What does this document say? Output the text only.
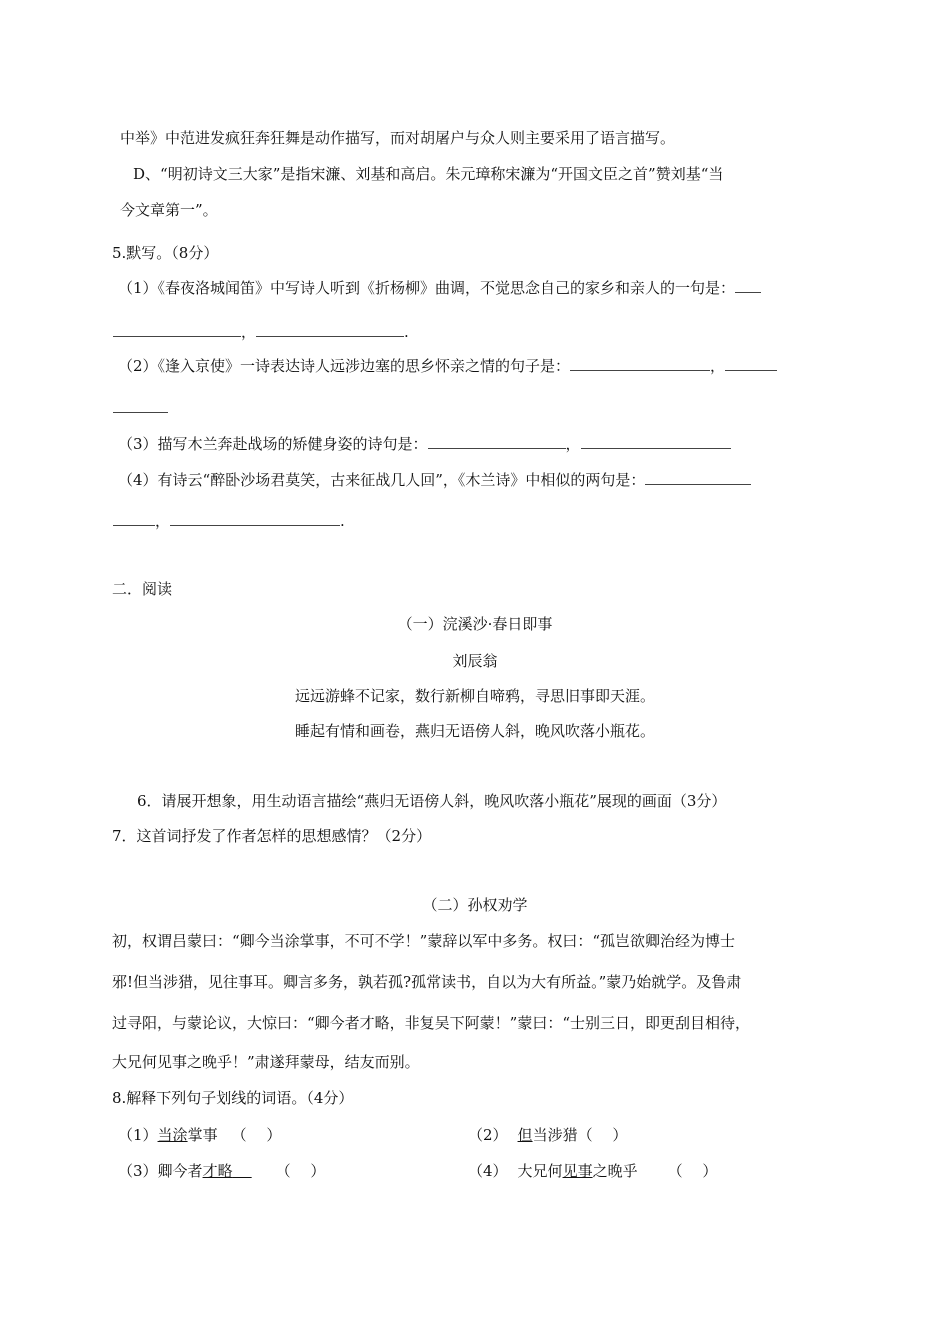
中举》中范进发疯狂奔狂舞是动作描写，而对胡屠户与众人则主要采用了语言描写。
D、“明初诗文三大家”是指宋濂、刘基和高启。朱元璋称宋濂为“开国文臣之首”赞刘基“当
今文章第一”。
5.默写。（8分）
（1）《春夜洛城闻笛》中写诗人听到《折杨柳》曲调，不觉思念自己的家乡和亲人的一句是：
，	.
（2）《逢入京使》一诗表达诗人远涉边塞的思乡怀亲之情的句子是：	，
（3）描写木兰奔赴战场的矫健身姿的诗句是：	，
（4）有诗云“醉卧沙场君莫笑，古来征战几人回”，《木兰诗》中相似的两句是：
，	.
二．阅读
（一）浣溪沙·春日即事
刘辰翁
远远游蜂不记家，数行新柳自啼鸦，寻思旧事即天涯。
睡起有情和画卷，燕归无语傍人斜，晚风吹落小瓶花。
6．请展开想象，用生动语言描绘“燕归无语傍人斜，晚风吹落小瓶花”展现的画面（3分）
7．这首词抒发了作者怎样的思想感情？（2分）
（二）孙权劝学
初，权谓吕蒙曰：“卿今当涂掌事，不可不学！”蒙辞以军中多务。权曰：“孤岂欲卿治经为博士
邪!但当涉猎，见往事耳。卿言多务，孰若孤?孤常读书，自以为大有所益。”蒙乃始就学。及鲁肃
过寻阳，与蒙论议，大惊曰：“卿今者才略，非复吴下阿蒙！”蒙曰：“士别三日，即更刮目相待，
大兄何见事之晚乎！”肃遂拜蒙母，结友而别。
8.解释下列句子划线的词语。（4分）
（1）当涂掌事 （　 ）	（2） 但当涉猎（　 ）
（3）卿今者才略	（　 ）	（4） 大兄何见事之晚乎 （　 ）
